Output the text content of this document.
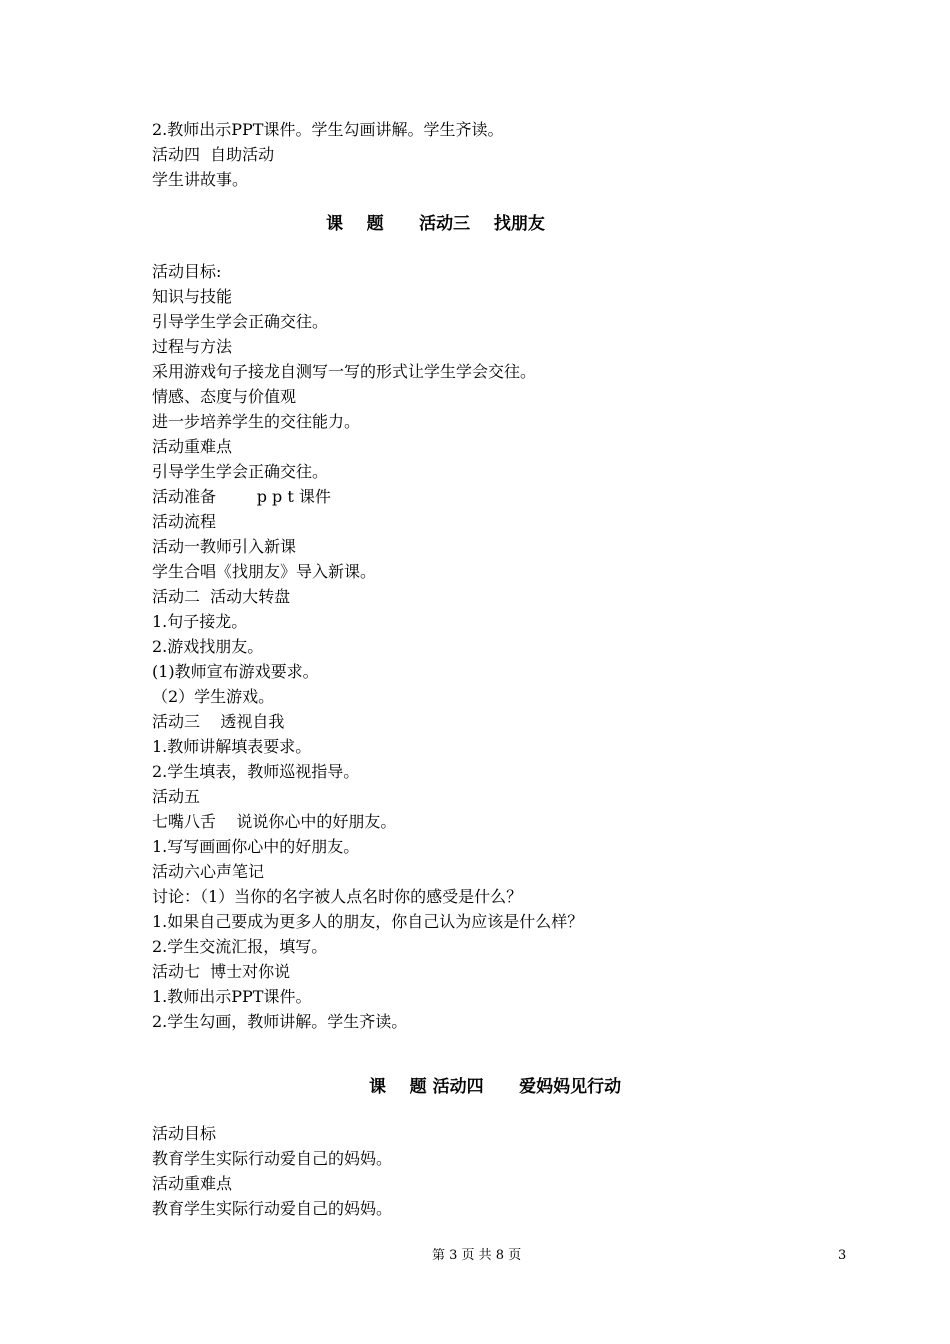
2.教师出示PPT课件。学生勾画讲解。学生齐读。
活动四  自助活动
学生讲故事。
课    题      活动三    找朋友
活动目标:
知识与技能
引导学生学会正确交往。
过程与方法
采用游戏句子接龙自测写一写的形式让学生学会交往。
情感、态度与价值观
进一步培养学生的交往能力。
活动重难点
引导学生学会正确交往。
活动准备        p p t 课件
活动流程
活动一教师引入新课
学生合唱《找朋友》导入新课。
活动二  活动大转盘
1.句子接龙。
2.游戏找朋友。
(1)教师宣布游戏要求。
（2）学生游戏。
活动三    透视自我
1.教师讲解填表要求。
2.学生填表，教师巡视指导。
活动五
七嘴八舌    说说你心中的好朋友。
1.写写画画你心中的好朋友。
活动六心声笔记
讨论：（1）当你的名字被人点名时你的感受是什么？
1.如果自己要成为更多人的朋友，你自己认为应该是什么样？
2.学生交流汇报，填写。
活动七  博士对你说
1.教师出示PPT课件。
2.学生勾画，教师讲解。学生齐读。
课    题 活动四      爱妈妈见行动
活动目标
教育学生实际行动爱自己的妈妈。
活动重难点
教育学生实际行动爱自己的妈妈。
第 3 页 共 8 页	3
